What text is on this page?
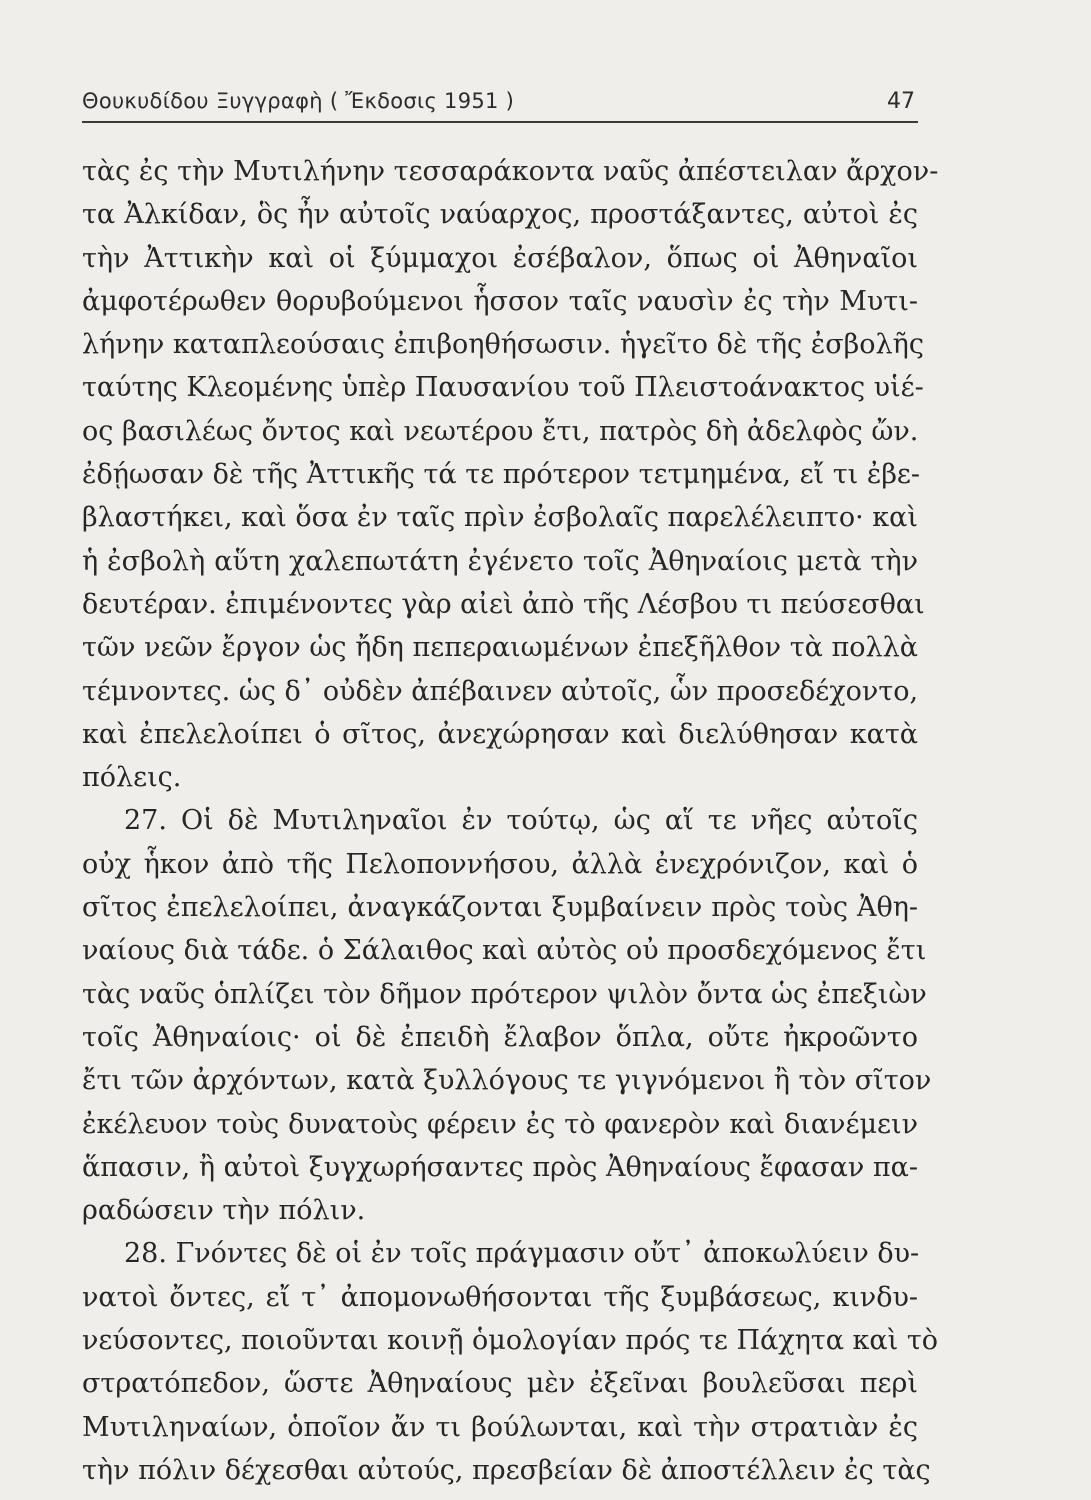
Θουκυδίδου Ξυγγραφὴ ( Ἔκδοσις 1951 )	47
τὰς ἐς τὴν Μυτιλήνην τεσσαράκοντα ναῦς ἀπέστειλαν ἄρχον-
τα Ἀλκίδαν, ὃς ἦν αὐτοῖς ναύαρχος, προστάξαντες, αὐτοὶ ἐς
τὴν Ἀττικὴν καὶ οἱ ξύμμαχοι ἐσέβαλον, ὅπως οἱ Ἀθηναῖοι
ἀμφοτέρωθεν θορυβούμενοι ἧσσον ταῖς ναυσὶν ἐς τὴν Μυτι-
λήνην καταπλεούσαις ἐπιβοηθήσωσιν. ἡγεῖτο δὲ τῆς ἐσβολῆς
ταύτης Κλεομένης ὑπὲρ Παυσανίου τοῦ Πλειστοάνακτος υἱέ-
ος βασιλέως ὄντος καὶ νεωτέρου ἔτι, πατρὸς δὴ ἀδελφὸς ὤν.
ἐδῄωσαν δὲ τῆς Ἀττικῆς τά τε πρότερον τετμημένα, εἴ τι ἐβε-
βλαστήκει, καὶ ὅσα ἐν ταῖς πρὶν ἐσβολαῖς παρελέλειπτο· καὶ
ἡ ἐσβολὴ αὕτη χαλεπωτάτη ἐγένετο τοῖς Ἀθηναίοις μετὰ τὴν
δευτέραν. ἐπιμένοντες γὰρ αἰεὶ ἀπὸ τῆς Λέσβου τι πεύσεσθαι
τῶν νεῶν ἔργον ὡς ἤδη πεπεραιωμένων ἐπεξῆλθον τὰ πολλὰ
τέμνοντες. ὡς δ᾽ οὐδὲν ἀπέβαινεν αὐτοῖς, ὧν προσεδέχοντο,
καὶ ἐπελελοίπει ὁ σῖτος, ἀνεχώρησαν καὶ διελύθησαν κατὰ
πόλεις.
27. Οἱ δὲ Μυτιληναῖοι ἐν τούτῳ, ὡς αἵ τε νῆες αὐτοῖς
οὐχ ἧκον ἀπὸ τῆς Πελοποννήσου, ἀλλὰ ἐνεχρόνιζον, καὶ ὁ
σῖτος ἐπελελοίπει, ἀναγκάζονται ξυμβαίνειν πρὸς τοὺς Ἀθη-
ναίους διὰ τάδε. ὁ Σάλαιθος καὶ αὐτὸς οὐ προσδεχόμενος ἔτι
τὰς ναῦς ὁπλίζει τὸν δῆμον πρότερον ψιλὸν ὄντα ὡς ἐπεξιὼν
τοῖς Ἀθηναίοις· οἱ δὲ ἐπειδὴ ἔλαβον ὅπλα, οὔτε ἠκροῶντο
ἔτι τῶν ἀρχόντων, κατὰ ξυλλόγους τε γιγνόμενοι ἢ τὸν σῖτον
ἐκέλευον τοὺς δυνατοὺς φέρειν ἐς τὸ φανερὸν καὶ διανέμειν
ἅπασιν, ἢ αὐτοὶ ξυγχωρήσαντες πρὸς Ἀθηναίους ἔφασαν πα-
ραδώσειν τὴν πόλιν.
28. Γνόντες δὲ οἱ ἐν τοῖς πράγμασιν οὔτ᾽ ἀποκωλύειν δυ-
νατοὶ ὄντες, εἴ τ᾽ ἀπομονωθήσονται τῆς ξυμβάσεως, κινδυ-
νεύσοντες, ποιοῦνται κοινῇ ὁμολογίαν πρός τε Πάχητα καὶ τὸ
στρατόπεδον, ὥστε Ἀθηναίους μὲν ἐξεῖναι βουλεῦσαι περὶ
Μυτιληναίων, ὁποῖον ἄν τι βούλωνται, καὶ τὴν στρατιὰν ἐς
τὴν πόλιν δέχεσθαι αὐτούς, πρεσβείαν δὲ ἀποστέλλειν ἐς τὰς
